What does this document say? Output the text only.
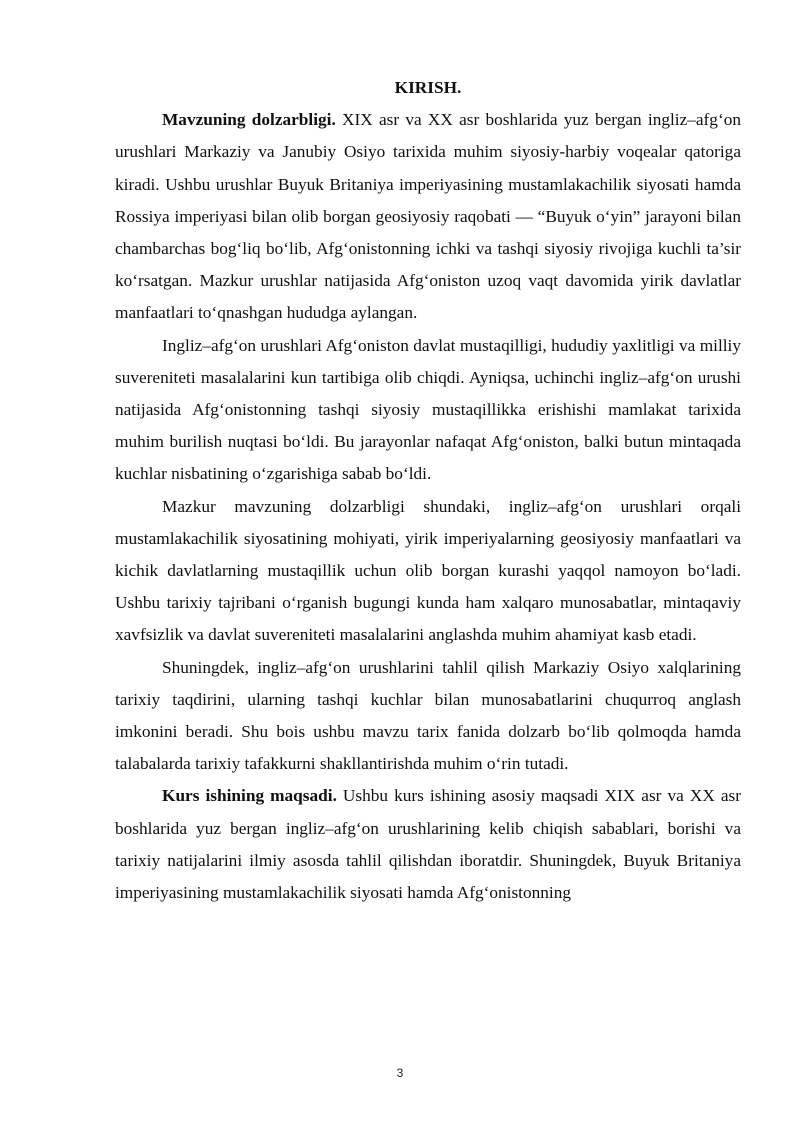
KIRISH.

Mavzuning dolzarbligi. XIX asr va XX asr boshlarida yuz bergan ingliz–afg‘on urushlari Markaziy va Janubiy Osiyo tarixida muhim siyosiy-harbiy voqealar qatoriga kiradi. Ushbu urushlar Buyuk Britaniya imperiyasining mustamlakachilik siyosati hamda Rossiya imperiyasi bilan olib borgan geosiyosiy raqobati — “Buyuk o‘yin” jarayoni bilan chambarchas bog‘liq bo‘lib, Afg‘onistonning ichki va tashqi siyosiy rivojiga kuchli ta’sir ko‘rsatgan. Mazkur urushlar natijasida Afg‘oniston uzoq vaqt davomida yirik davlatlar manfaatlari to‘qnashgan hududga aylangan.

Ingliz–afg‘on urushlari Afg‘oniston davlat mustaqilligi, hududiy yaxlitligi va milliy suvereniteti masalalarini kun tartibiga olib chiqdi. Ayniqsa, uchinchi ingliz–afg‘on urushi natijasida Afg‘onistonning tashqi siyosiy mustaqillikka erishishi mamlakat tarixida muhim burilish nuqtasi bo‘ldi. Bu jarayonlar nafaqat Afg‘oniston, balki butun mintaqada kuchlar nisbatining o‘zgarishiga sabab bo‘ldi.

Mazkur mavzuning dolzarbligi shundaki, ingliz–afg‘on urushlari orqali mustamlakachilik siyosatining mohiyati, yirik imperiyalarning geosiyosiy manfaatlari va kichik davlatlarning mustaqillik uchun olib borgan kurashi yaqqol namoyon bo‘ladi. Ushbu tarixiy tajribani o‘rganish bugungi kunda ham xalqaro munosabatlar, mintaqaviy xavfsizlik va davlat suvereniteti masalalarini anglashda muhim ahamiyat kasb etadi.

Shuningdek, ingliz–afg‘on urushlarini tahlil qilish Markaziy Osiyo xalqlarining tarixiy taqdirini, ularning tashqi kuchlar bilan munosabatlarini chuqurroq anglash imkonini beradi. Shu bois ushbu mavzu tarix fanida dolzarb bo‘lib qolmoqda hamda talabalarda tarixiy tafakkurni shakllantirishda muhim o‘rin tutadi.

Kurs ishining maqsadi. Ushbu kurs ishining asosiy maqsadi XIX asr va XX asr boshlarida yuz bergan ingliz–afg‘on urushlarining kelib chiqish sabablari, borishi va tarixiy natijalarini ilmiy asosda tahlil qilishdan iboratdir. Shuningdek, Buyuk Britaniya imperiyasining mustamlakachilik siyosati hamda Afg‘onistonning

3
